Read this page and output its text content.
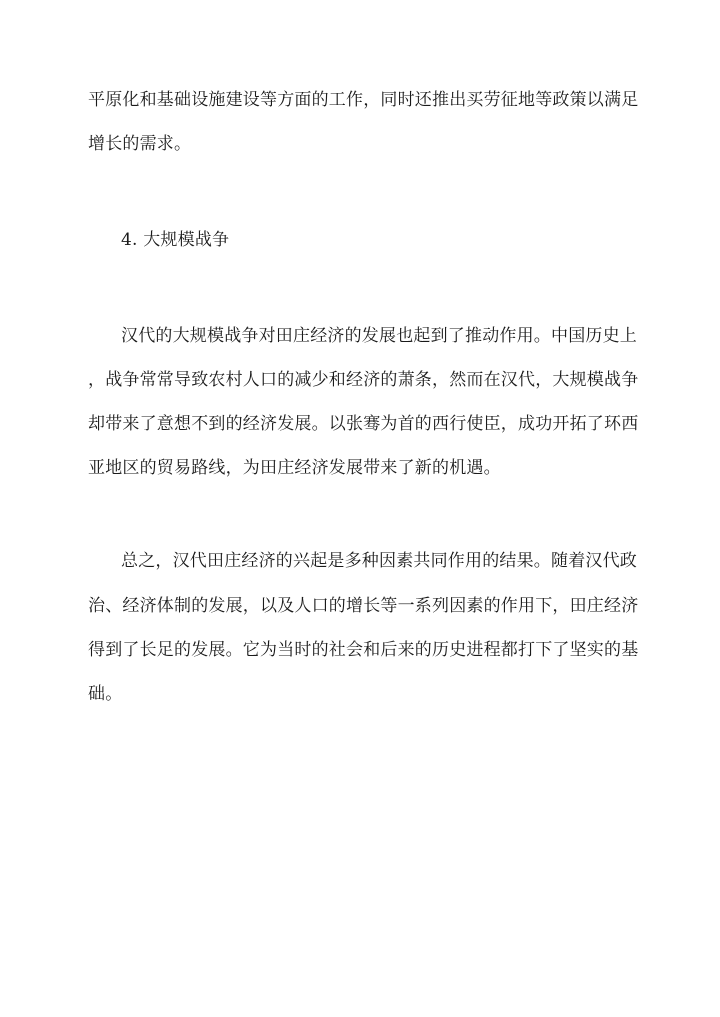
平原化和基础设施建设等方面的工作，同时还推出买劳征地等政策以满足
增长的需求。
4. 大规模战争
汉代的大规模战争对田庄经济的发展也起到了推动作用。中国历史上
，战争常常导致农村人口的减少和经济的萧条，然而在汉代，大规模战争
却带来了意想不到的经济发展。以张骞为首的西行使臣，成功开拓了环西
亚地区的贸易路线，为田庄经济发展带来了新的机遇。
总之，汉代田庄经济的兴起是多种因素共同作用的结果。随着汉代政
治、经济体制的发展，以及人口的增长等一系列因素的作用下，田庄经济
得到了长足的发展。它为当时的社会和后来的历史进程都打下了坚实的基
础。
